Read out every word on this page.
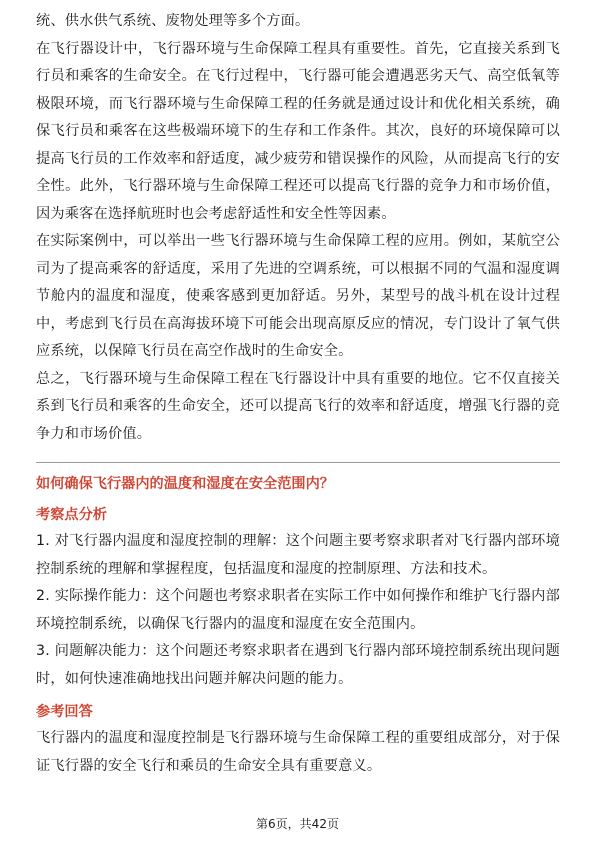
统、供水供气系统、废物处理等多个方面。

在飞行器设计中，飞行器环境与生命保障工程具有重要性。首先，它直接关系到飞行员和乘客的生命安全。在飞行过程中，飞行器可能会遭遇恶劣天气、高空低氧等极限环境，而飞行器环境与生命保障工程的任务就是通过设计和优化相关系统，确保飞行员和乘客在这些极端环境下的生存和工作条件。其次，良好的环境保障可以提高飞行员的工作效率和舒适度，减少疲劳和错误操作的风险，从而提高飞行的安全性。此外，飞行器环境与生命保障工程还可以提高飞行器的竞争力和市场价值，因为乘客在选择航班时也会考虑舒适性和安全性等因素。

在实际案例中，可以举出一些飞行器环境与生命保障工程的应用。例如，某航空公司为了提高乘客的舒适度，采用了先进的空调系统，可以根据不同的气温和湿度调节舱内的温度和湿度，使乘客感到更加舒适。另外，某型号的战斗机在设计过程中，考虑到飞行员在高海拔环境下可能会出现高原反应的情况，专门设计了氧气供应系统，以保障飞行员在高空作战时的生命安全。

总之，飞行器环境与生命保障工程在飞行器设计中具有重要的地位。它不仅直接关系到飞行员和乘客的生命安全，还可以提高飞行的效率和舒适度，增强飞行器的竞争力和市场价值。

如何确保飞行器内的温度和湿度在安全范围内？
考察点分析

1. 对飞行器内温度和湿度控制的理解：这个问题主要考察求职者对飞行器内部环境控制系统的理解和掌握程度，包括温度和湿度的控制原理、方法和技术。

2. 实际操作能力：这个问题也考察求职者在实际工作中如何操作和维护飞行器内部环境控制系统，以确保飞行器内的温度和湿度在安全范围内。

3. 问题解决能力：这个问题还考察求职者在遇到飞行器内部环境控制系统出现问题时，如何快速准确地找出问题并解决问题的能力。

参考回答

飞行器内的温度和湿度控制是飞行器环境与生命保障工程的重要组成部分，对于保证飞行器的安全飞行和乘员的生命安全具有重要意义。

第6页，共42页
